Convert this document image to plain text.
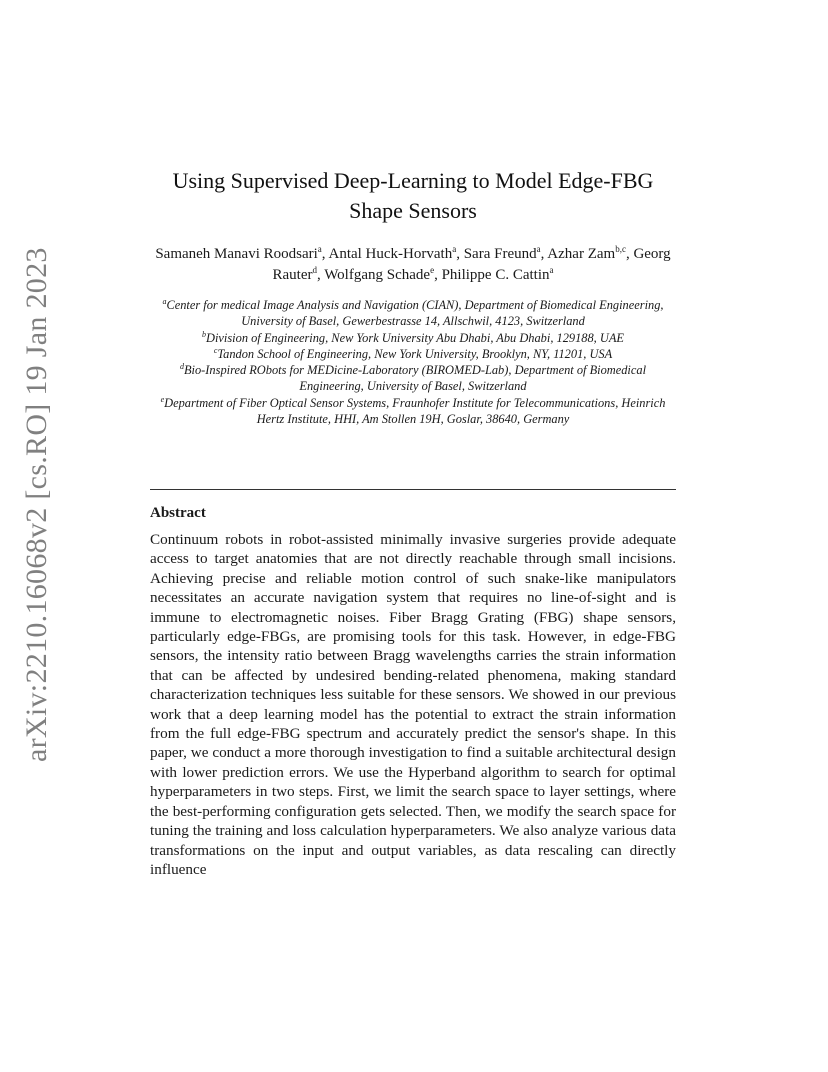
arXiv:2210.16068v2 [cs.RO] 19 Jan 2023
Using Supervised Deep-Learning to Model Edge-FBG Shape Sensors
Samaneh Manavi Roodsari$^a$, Antal Huck-Horvath$^a$, Sara Freund$^a$, Azhar Zam$^{b,c}$, Georg Rauter$^d$, Wolfgang Schade$^e$, Philippe C. Cattin$^a$
$^a$Center for medical Image Analysis and Navigation (CIAN), Department of Biomedical Engineering, University of Basel, Gewerbestrasse 14, Allschwil, 4123, Switzerland
$^b$Division of Engineering, New York University Abu Dhabi, Abu Dhabi, 129188, UAE
$^c$Tandon School of Engineering, New York University, Brooklyn, NY, 11201, USA
$^d$Bio-Inspired RObots for MEDicine-Laboratory (BIROMED-Lab), Department of Biomedical Engineering, University of Basel, Switzerland
$^e$Department of Fiber Optical Sensor Systems, Fraunhofer Institute for Telecommunications, Heinrich Hertz Institute, HHI, Am Stollen 19H, Goslar, 38640, Germany
Abstract
Continuum robots in robot-assisted minimally invasive surgeries provide adequate access to target anatomies that are not directly reachable through small incisions. Achieving precise and reliable motion control of such snake-like manipulators necessitates an accurate navigation system that requires no line-of-sight and is immune to electromagnetic noises. Fiber Bragg Grating (FBG) shape sensors, particularly edge-FBGs, are promising tools for this task. However, in edge-FBG sensors, the intensity ratio between Bragg wavelengths carries the strain information that can be affected by undesired bending-related phenomena, making standard characterization techniques less suitable for these sensors. We showed in our previous work that a deep learning model has the potential to extract the strain information from the full edge-FBG spectrum and accurately predict the sensor's shape. In this paper, we conduct a more thorough investigation to find a suitable architectural design with lower prediction errors. We use the Hyperband algorithm to search for optimal hyperparameters in two steps. First, we limit the search space to layer settings, where the best-performing configuration gets selected. Then, we modify the search space for tuning the training and loss calculation hyperparameters. We also analyze various data transformations on the input and output variables, as data rescaling can directly influence
